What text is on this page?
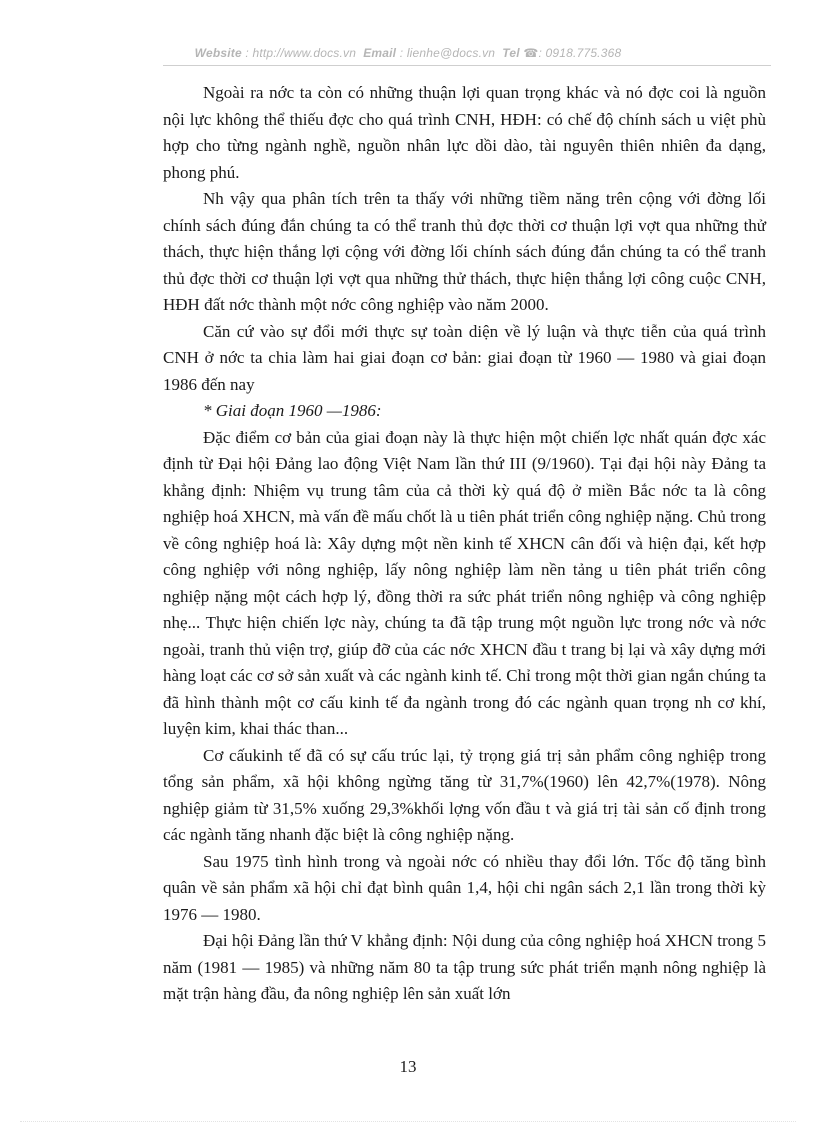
Website : http://www.docs.vn Email : lienhe@docs.vn Tel ☎: 0918.775.368

Ngoài ra nớc ta còn có những thuận lợi quan trọng khác và nó đợc coi là nguồn nội lực không thể thiếu đợc cho quá trình CNH, HĐH: có chế độ chính sách u việt phù hợp cho từng ngành nghề, nguồn nhân lực dồi dào, tài nguyên thiên nhiên đa dạng, phong phú.

Nh vậy qua phân tích trên ta thấy với những tiềm năng trên cộng với đờng lối chính sách đúng đắn chúng ta có thể tranh thủ đợc thời cơ thuận lợi vợt qua những thử thách, thực hiện thắng lợi cộng với đờng lối chính sách đúng đắn chúng ta có thể tranh thủ đợc thời cơ thuận lợi vợt qua những thử thách, thực hiện thắng lợi công cuộc CNH, HĐH đất nớc thành một nớc công nghiệp vào năm 2000.

Căn cứ vào sự đổi mới thực sự toàn diện về lý luận và thực tiễn của quá trình CNH ở nớc ta chia làm hai giai đoạn cơ bản: giai đoạn từ 1960 — 1980 và giai đoạn 1986 đến nay

* Giai đoạn 1960 —1986:

Đặc điểm cơ bản của giai đoạn này là thực hiện một chiến lợc nhất quán đợc xác định từ Đại hội Đảng lao động Việt Nam lần thứ III (9/1960). Tại đại hội này Đảng ta khẳng định: Nhiệm vụ trung tâm của cả thời kỳ quá độ ở miền Bắc nớc ta là công nghiệp hoá XHCN, mà vấn đề mấu chốt là u tiên phát triển công nghiệp nặng. Chủ trong về công nghiệp hoá là: Xây dựng một nền kinh tế XHCN cân đối và hiện đại, kết hợp công nghiệp với nông nghiệp, lấy nông nghiệp làm nền tảng u tiên phát triển công nghiệp nặng một cách hợp lý, đồng thời ra sức phát triển nông nghiệp và công nghiệp nhẹ... Thực hiện chiến lợc này, chúng ta đã tập trung một nguồn lực trong nớc và nớc ngoài, tranh thủ viện trợ, giúp đỡ của các nớc XHCN đầu t trang bị lại và xây dựng mới hàng loạt các cơ sở sản xuất và các ngành kinh tế. Chỉ trong một thời gian ngắn chúng ta đã hình thành một cơ cấu kinh tế đa ngành trong đó các ngành quan trọng nh cơ khí, luyện kim, khai thác than...

Cơ cấukinh tế đã có sự cấu trúc lại, tỷ trọng giá trị sản phẩm công nghiệp trong tổng sản phẩm, xã hội không ngừng tăng từ 31,7%(1960) lên 42,7%(1978). Nông nghiệp giảm từ 31,5% xuống 29,3%khối lợng vốn đầu t và giá trị tài sản cố định trong các ngành tăng nhanh đặc biệt là công nghiệp nặng.

Sau 1975 tình hình trong và ngoài nớc có nhiều thay đổi lớn. Tốc độ tăng bình quân về sản phẩm xã hội chỉ đạt bình quân 1,4, hội chi ngân sách 2,1 lần trong thời kỳ 1976 — 1980.

Đại hội Đảng lần thứ V khẳng định: Nội dung của công nghiệp hoá XHCN trong 5 năm (1981 — 1985) và những năm 80 ta tập trung sức phát triển mạnh nông nghiệp là mặt trận hàng đầu, đa nông nghiệp lên sản xuất lớn

13
